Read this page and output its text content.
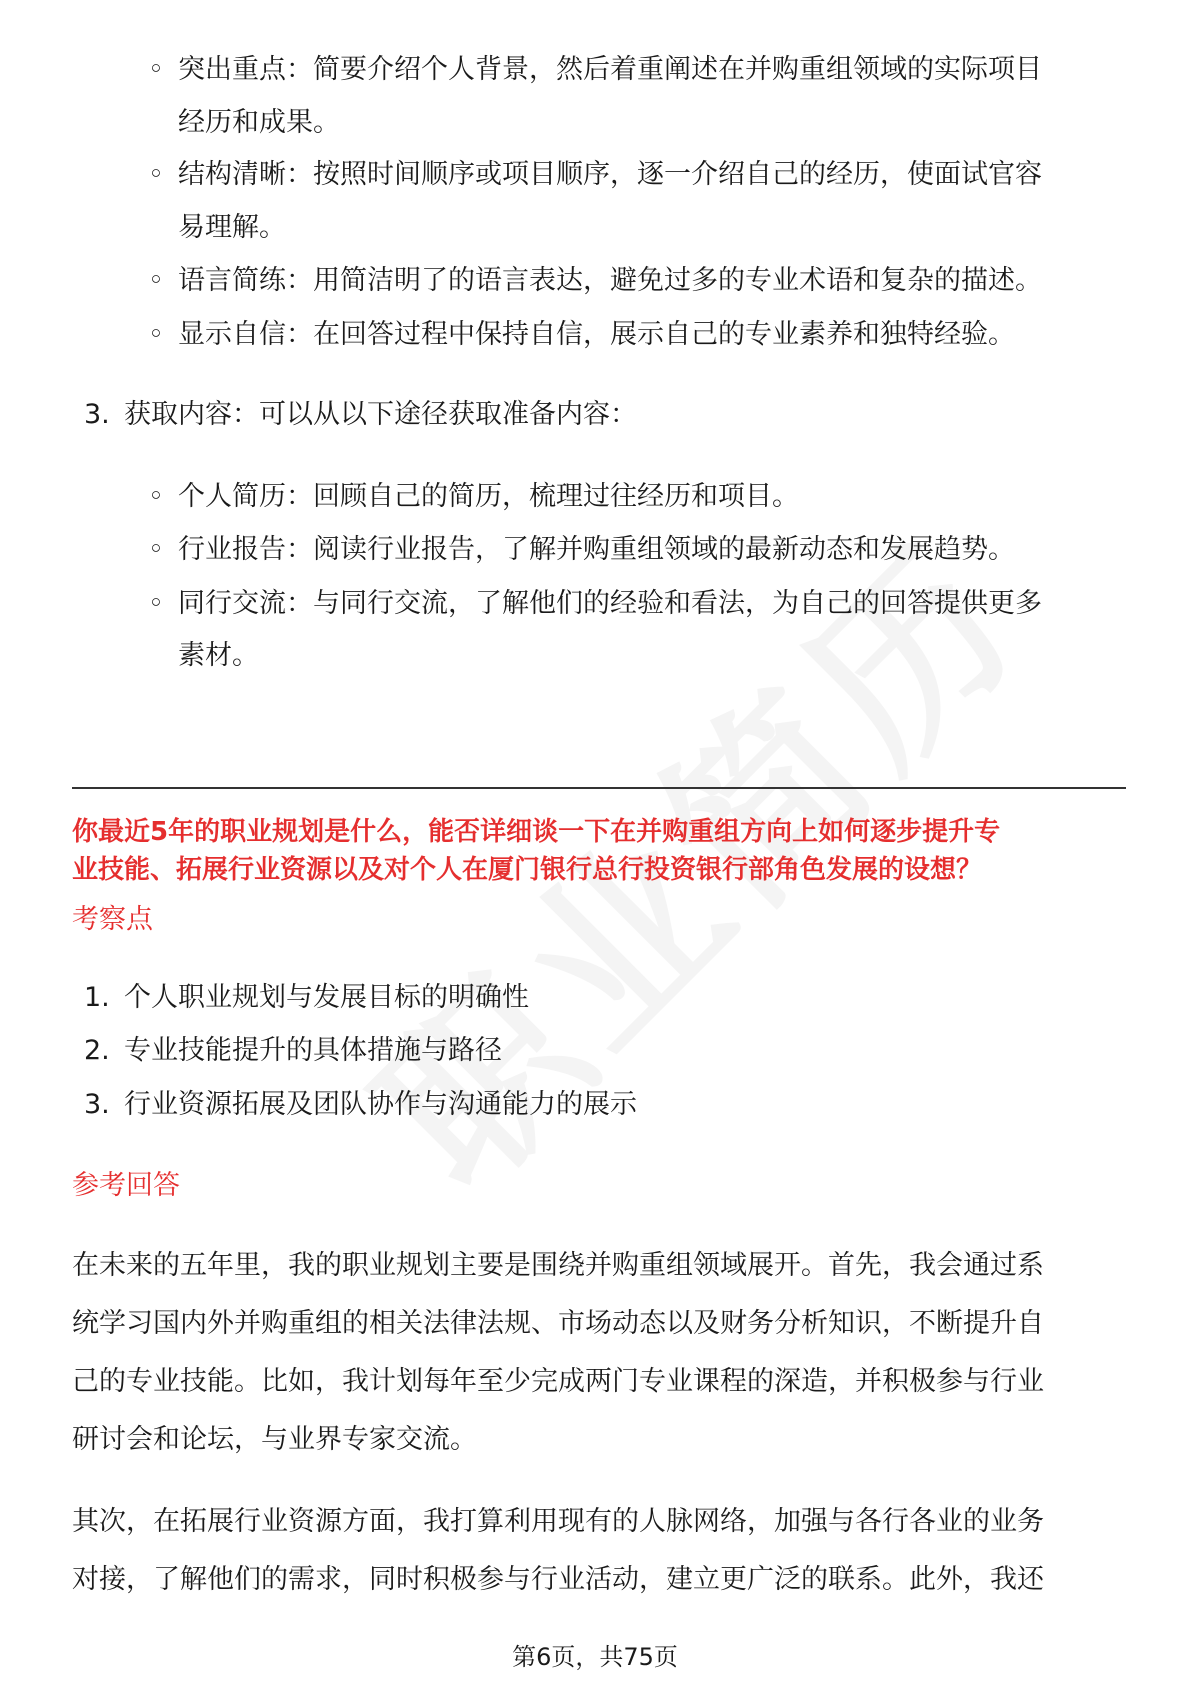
◦ 突出重点：简要介绍个人背景，然后着重阐述在并购重组领域的实际项目
经历和成果。
◦ 结构清晰：按照时间顺序或项目顺序，逐一介绍自己的经历，使面试官容
易理解。
◦ 语言简练：用简洁明了的语言表达，避免过多的专业术语和复杂的描述。
◦ 显示自信：在回答过程中保持自信，展示自己的专业素养和独特经验。
3. 获取内容：可以从以下途径获取准备内容：
◦ 个人简历：回顾自己的简历，梳理过往经历和项目。
◦ 行业报告：阅读行业报告，了解并购重组领域的最新动态和发展趋势。
◦ 同行交流：与同行交流，了解他们的经验和看法，为自己的回答提供更多
素材。
你最近5年的职业规划是什么，能否详细谈一下在并购重组方向上如何逐步提升专
业技能、拓展行业资源以及对个人在厦门银行总行投资银行部角色发展的设想？
考察点
1. 个人职业规划与发展目标的明确性
2. 专业技能提升的具体措施与路径
3. 行业资源拓展及团队协作与沟通能力的展示
参考回答
在未来的五年里，我的职业规划主要是围绕并购重组领域展开。首先，我会通过系
统学习国内外并购重组的相关法律法规、市场动态以及财务分析知识，不断提升自
己的专业技能。比如，我计划每年至少完成两门专业课程的深造，并积极参与行业
研讨会和论坛，与业界专家交流。
其次，在拓展行业资源方面，我打算利用现有的人脉网络，加强与各行各业的业务
对接，了解他们的需求，同时积极参与行业活动，建立更广泛的联系。此外，我还
第6页，共75页
